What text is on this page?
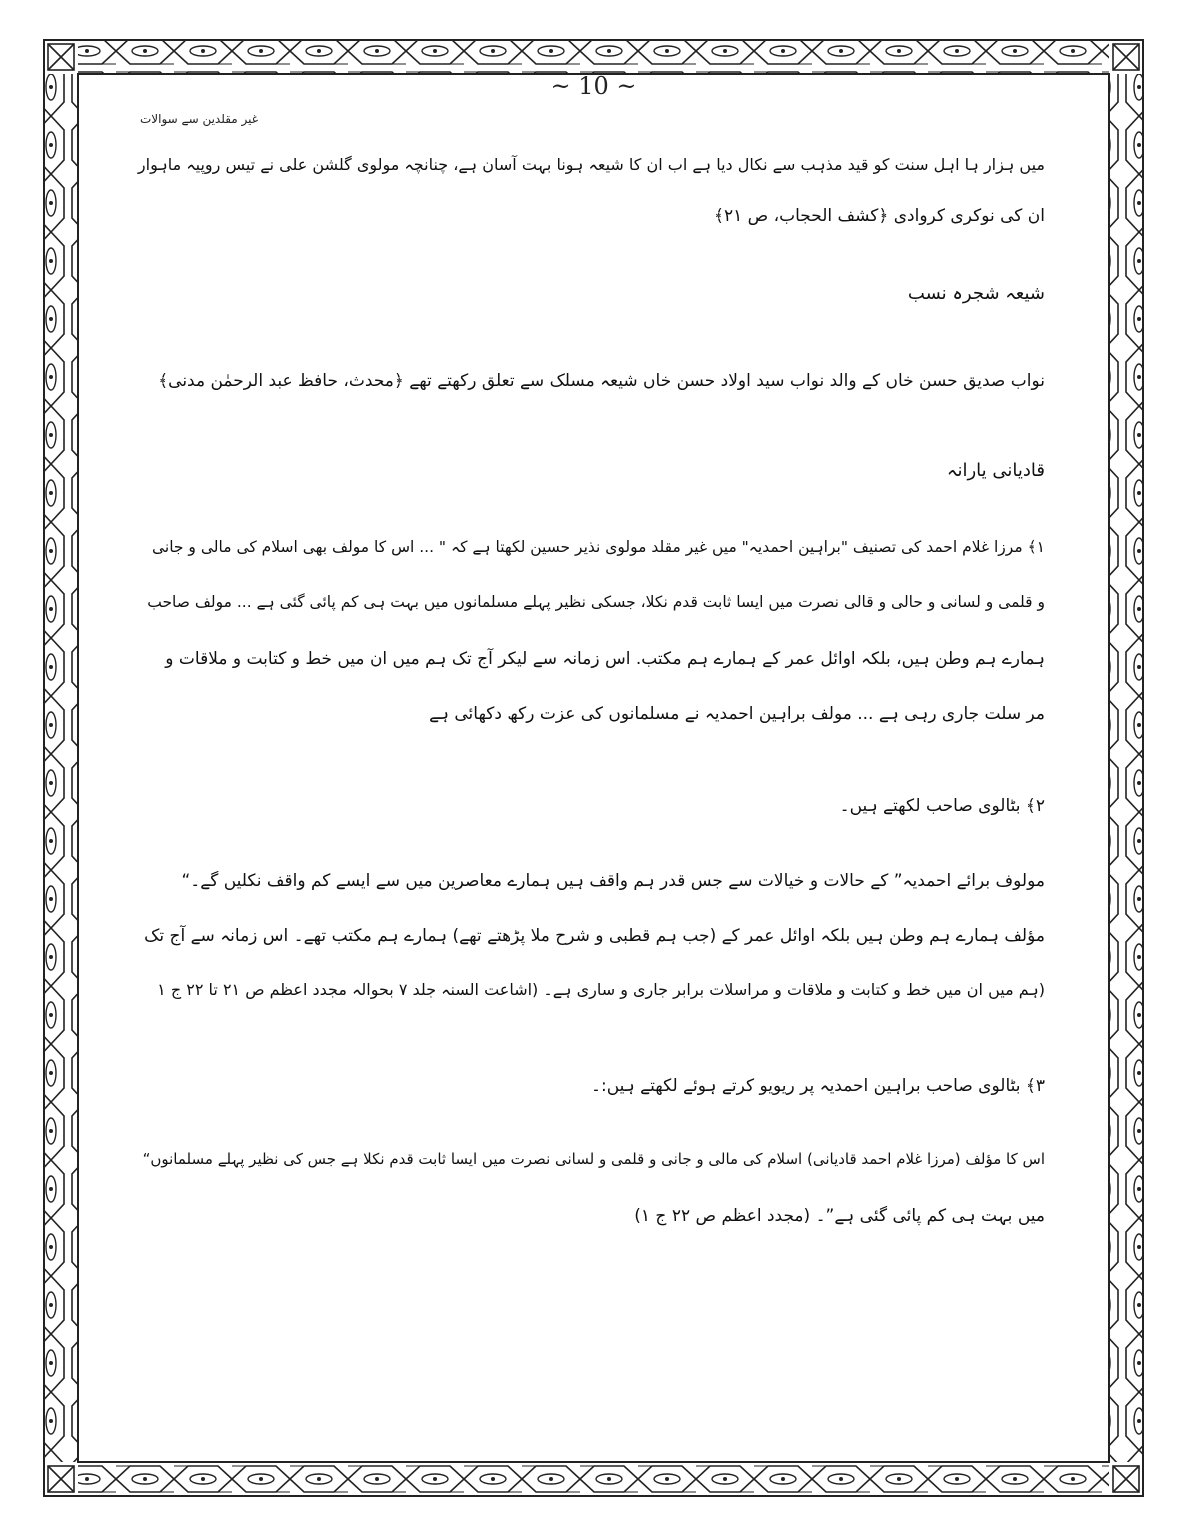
~ 10 ~
غیر مقلدین سے سوالات
میں ہزار ہا اہل سنت کو قید مذہب سے نکال دیا ہے اب ان کا شیعہ ہونا بہت آسان ہے، چنانچہ مولوی گلشن علی نے تیس روپیہ ماہوار
ان کی نوکری کروادی ﴿کشف الحجاب، ص ۲۱﴾
شیعہ شجرہ نسب
نواب صدیق حسن خاں کے والد نواب سید اولاد حسن خاں شیعہ مسلک سے تعلق رکھتے تھے ﴿محدث، حافظ عبد الرحمٰن مدنی﴾
قادیانی یارانہ
۱﴾ مرزا غلام احمد کی تصنیف "براہین احمدیہ" میں غیر مقلد مولوی نذیر حسین لکھتا ہے کہ " ... اس کا مولف بھی اسلام کی مالی و جانی
و قلمی و لسانی و حالی و قالی نصرت میں ایسا ثابت قدم نکلا، جسکی نظیر پہلے مسلمانوں میں بہت ہی کم پائی گئی ہے ... مولف صاحب
ہمارے ہم وطن ہیں، بلکہ اوائل عمر کے ہمارے ہم مکتب. اس زمانہ سے لیکر آج تک ہم میں ان میں خط و کتابت و ملاقات و
مر سلت جاری رہی ہے ... مولف براہین احمدیہ نے مسلمانوں کی عزت رکھ دکھائی ہے
۲﴾ بٹالوی صاحب لکھتے ہیں۔
مولوف برائے احمدیہ” کے حالات و خیالات سے جس قدر ہم واقف ہیں ہمارے معاصرین میں سے ایسے کم واقف نکلیں گے۔“
مؤلف ہمارے ہم وطن ہیں بلکہ اوائل عمر کے (جب ہم قطبی و شرح ملا پڑھتے تھے) ہمارے ہم مکتب تھے۔ اس زمانہ سے آج تک
(ہم میں ان میں خط و کتابت و ملاقات و مراسلات برابر جاری و ساری ہے۔ (اشاعت السنہ جلد ۷ بحوالہ مجدد اعظم ص ۲۱ تا ۲۲ ج ۱
۳﴾ بٹالوی صاحب براہین احمدیہ پر ریویو کرتے ہوئے لکھتے ہیں:۔
اس کا مؤلف (مرزا غلام احمد قادیانی) اسلام کی مالی و جانی و قلمی و لسانی نصرت میں ایسا ثابت قدم نکلا ہے جس کی نظیر پہلے مسلمانوں“
میں بہت ہی کم پائی گئی ہے”۔ (مجدد اعظم ص ۲۲ ج ۱)
